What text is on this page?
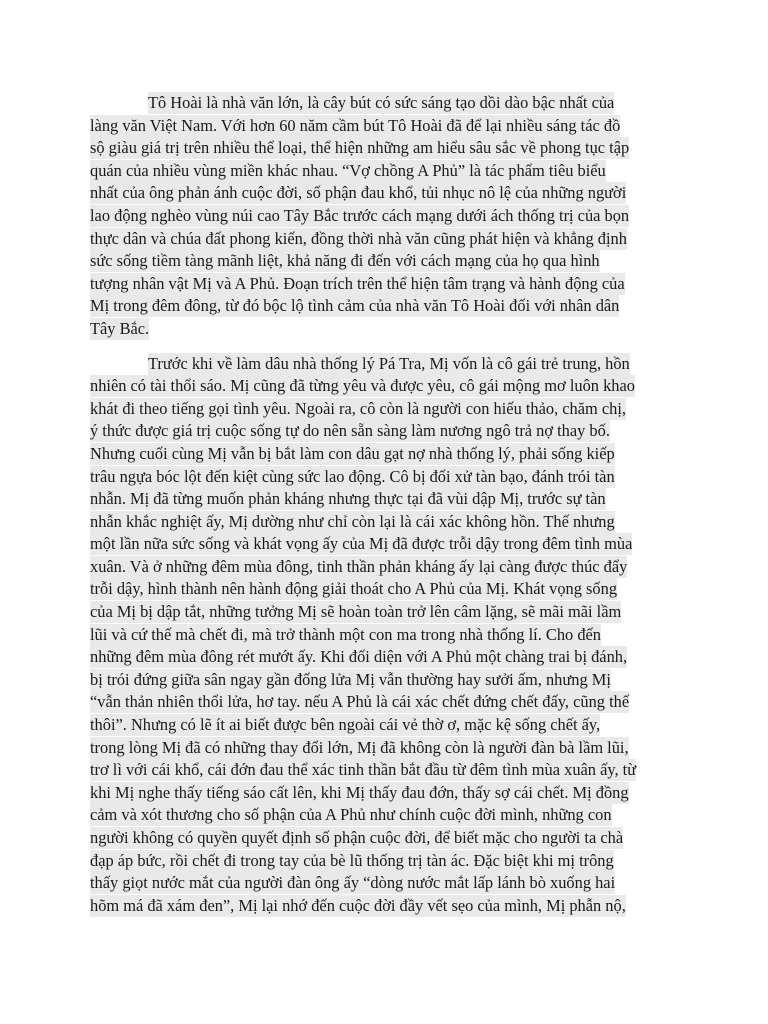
Tô Hoài là nhà văn lớn, là cây bút có sức sáng tạo dồi dào bậc nhất của
làng văn Việt Nam. Với hơn 60 năm cầm bút Tô Hoài đã để lại nhiều sáng tác đồ
sộ giàu giá trị trên nhiều thể loại, thể hiện những am hiểu sâu sắc về phong tục tập
quán của nhiều vùng miền khác nhau. “Vợ chồng A Phủ” là tác phẩm tiêu biểu
nhất của ông phản ánh cuộc đời, số phận đau khổ, tủi nhục nô lệ của những người
lao động nghèo vùng núi cao Tây Bắc trước cách mạng dưới ách thống trị của bọn
thực dân và chúa đất phong kiến, đồng thời nhà văn cũng phát hiện và khẳng định
sức sống tiềm tàng mãnh liệt, khả năng đi đến với cách mạng của họ qua hình
tượng nhân vật Mị và A Phủ. Đoạn trích trên thể hiện tâm trạng và hành động của
Mị trong đêm đông, từ đó bộc lộ tình cảm của nhà văn Tô Hoài đối với nhân dân
Tây Bắc.

Trước khi về làm dâu nhà thống lý Pá Tra, Mị vốn là cô gái trẻ trung, hồn
nhiên có tài thổi sáo. Mị cũng đã từng yêu và được yêu, cô gái mộng mơ luôn khao
khát đi theo tiếng gọi tình yêu. Ngoài ra, cô còn là người con hiếu thảo, chăm chị,
ý thức được giá trị cuộc sống tự do nên sẵn sàng làm nương ngô trả nợ thay bố.
Nhưng cuối cùng Mị vẫn bị bắt làm con dâu gạt nợ nhà thống lý, phải sống kiếp
trâu ngựa bóc lột đến kiệt cùng sức lao động. Cô bị đối xử tàn bạo, đánh trói tàn
nhẫn. Mị đã từng muốn phản kháng nhưng thực tại đã vùi dập Mị, trước sự tàn
nhẫn khắc nghiệt ấy, Mị dường như chỉ còn lại là cái xác không hồn. Thế nhưng
một lần nữa sức sống và khát vọng ấy của Mị đã được trỗi dậy trong đêm tình mùa
xuân. Và ở những đêm mùa đông, tinh thần phản kháng ấy lại càng được thúc đẩy
trỗi dậy, hình thành nên hành động giải thoát cho A Phủ của Mị. Khát vọng sống
của Mị bị dập tắt, những tưởng Mị sẽ hoàn toàn trở lên câm lặng, sẽ mãi mãi lầm
lũi và cứ thế mà chết đi, mà trở thành một con ma trong nhà thống lí. Cho đến
những đêm mùa đông rét mướt ấy. Khi đối diện với A Phủ một chàng trai bị đánh,
bị trói đứng giữa sân ngay gần đống lửa Mị vẫn thường hay sưởi ấm, nhưng Mị
“vẫn thản nhiên thổi lửa, hơ tay. nếu A Phủ là cái xác chết đứng chết đấy, cũng thế
thôi”. Nhưng có lẽ ít ai biết được bên ngoài cái vẻ thờ ơ, mặc kệ sống chết ấy,
trong lòng Mị đã có những thay đổi lớn, Mị đã không còn là người đàn bà lầm lũi,
trơ lì với cái khổ, cái đớn đau thể xác tinh thần bắt đầu từ đêm tình mùa xuân ấy, từ
khi Mị nghe thấy tiếng sáo cất lên, khi Mị thấy đau đớn, thấy sợ cái chết. Mị đồng
cảm và xót thương cho số phận của A Phủ như chính cuộc đời mình, những con
người không có quyền quyết định số phận cuộc đời, để biết mặc cho người ta chà
đạp áp bức, rồi chết đi trong tay của bè lũ thống trị tàn ác. Đặc biệt khi mị trông
thấy giọt nước mắt của người đàn ông ấy “dòng nước mắt lấp lánh bò xuống hai
hõm má đã xám đen”, Mị lại nhớ đến cuộc đời đầy vết sẹo của mình, Mị phẫn nộ,
